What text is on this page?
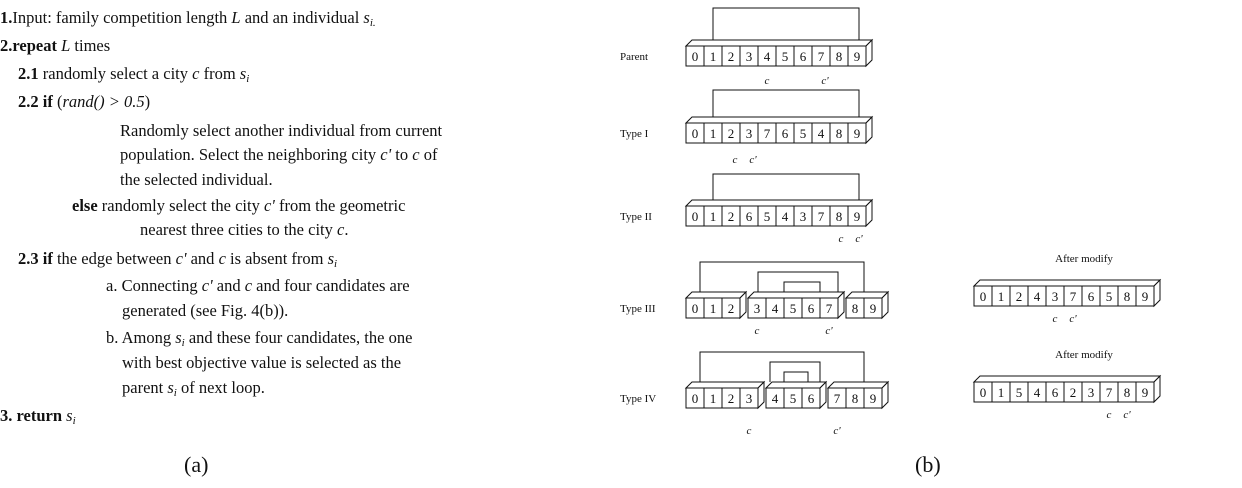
1.Input: family competition length L and an individual $s_{i.}$
2.repeat L times
2.1 randomly select a city c from $s_i$
2.2 if (rand() > 0.5)
Randomly select another individual from current
population. Select the neighboring city c' to c of
the selected individual.
else randomly select the city c' from the geometric
nearest three cities to the city c.
2.3 if the edge between c' and c is absent from $s_i$
a. Connecting c' and c and four candidates are
generated (see Fig. 4(b)).
b. Among $s_i$ and these four candidates, the one
with best objective value is selected as the
parent $s_i$ of next loop.
3. return $s_i$
(a)
Parent	0 1 2 3 4 5 6 7 8 9
c	c'
Type I	0 1 2 3 7 6 5 4 8 9
c c'
Type II	0 1 2 6 5 4 3 7 8 9
c c'
Type III	0 1 2 3 4 5 6 7 8 9
c	c'
Type IV	0 1 2 3 4 5 6 7 8 9
c	c'
After modify
0 1 2 4 3 7 6 5 8 9
c c'
After modify
0 1 5 4 6 2 3 7 8 9
c c'
(b)
